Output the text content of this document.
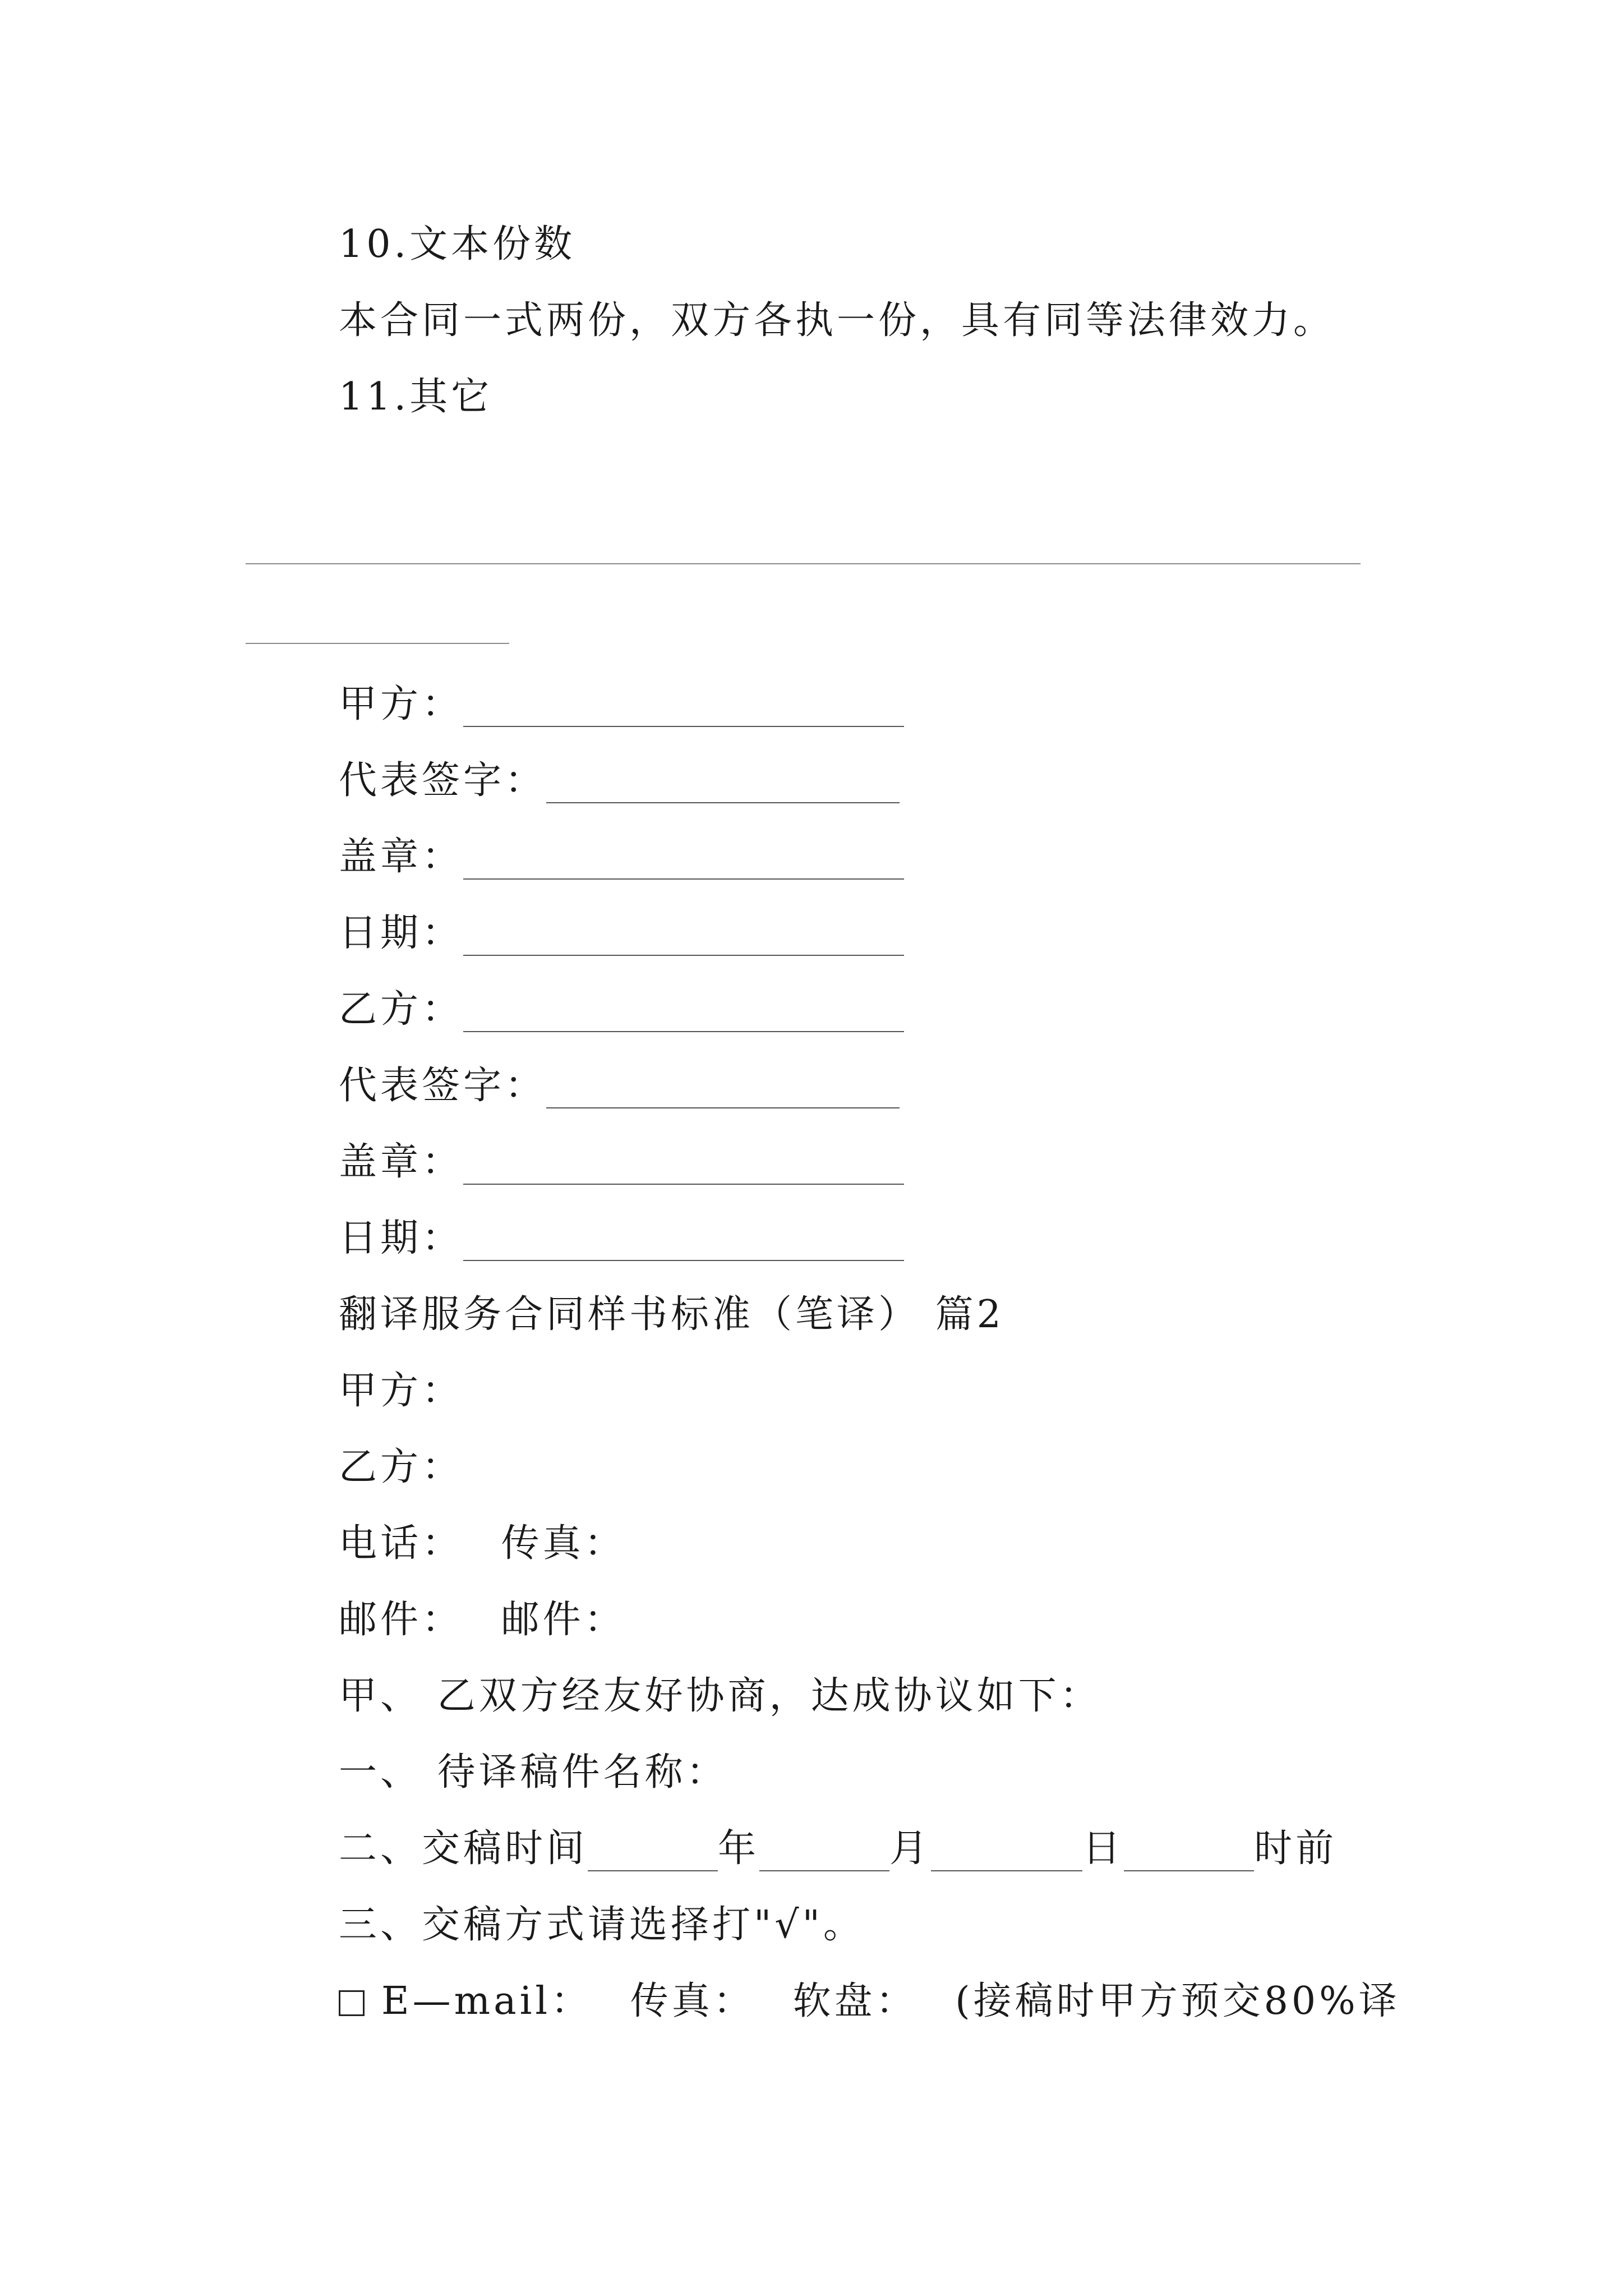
10.文本份数
本合同一式两份，双方各执一份，具有同等法律效力。
11.其它
甲方：
代表签字：
盖章：
日期：
乙方：
代表签字：
盖章：
日期：
翻译服务合同样书标准（笔译） 篇2
甲方：
乙方：
电话： 传真：
邮件： 邮件：
甲、 乙双方经友好协商，达成协议如下：
一、 待译稿件名称：
二、交稿时间	年	月	日	时前
三、交稿方式请选择打"√"。
E—mail： 传真： 软盘： (接稿时甲方预交80%译
